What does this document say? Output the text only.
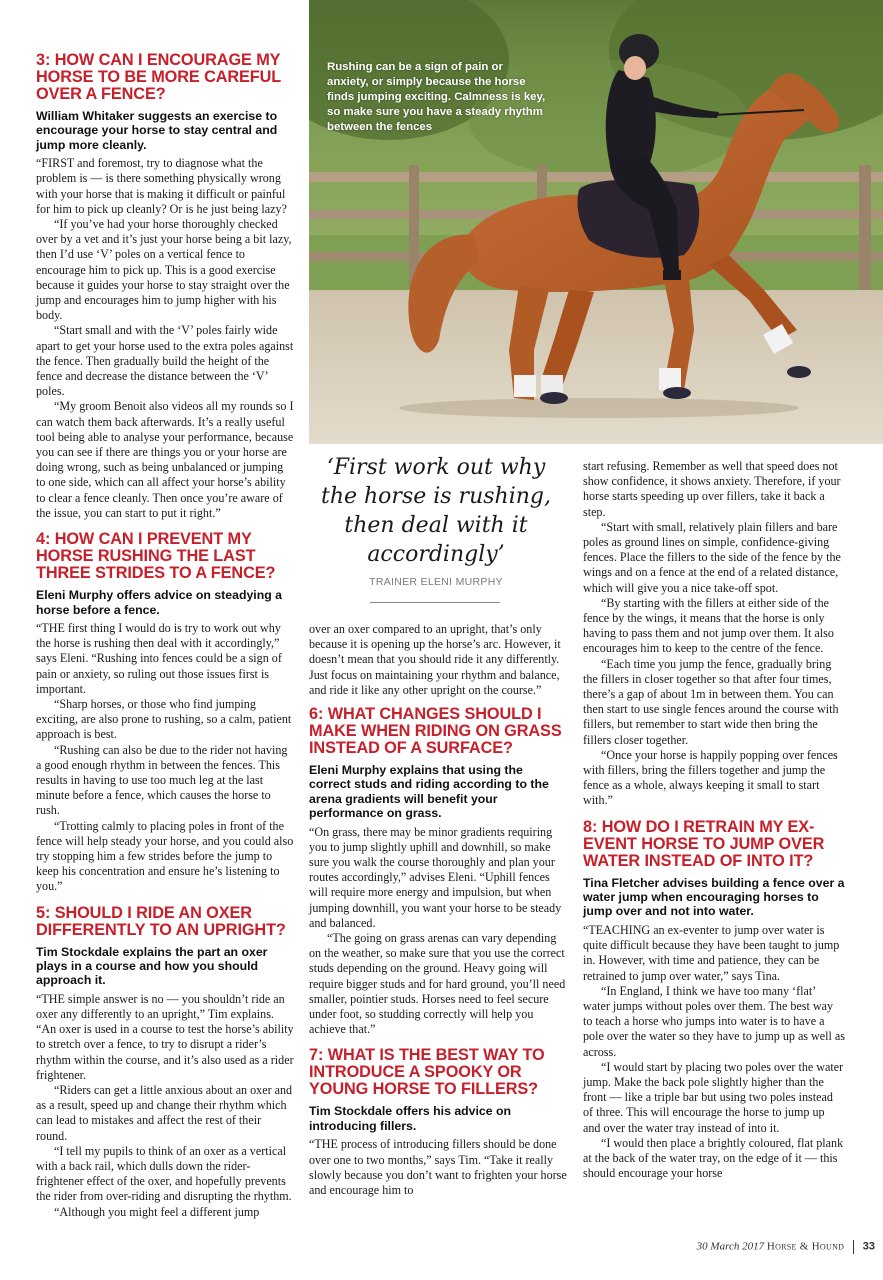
Rushing can be a sign of pain or anxiety, or simply because the horse finds jumping exciting. Calmness is key, so make sure you have a steady rhythm between the fences
‘First work out why the horse is rushing, then deal with it accordingly’
TRAINER ELENI MURPHY
3: HOW CAN I ENCOURAGE MY HORSE TO BE MORE CAREFUL OVER A FENCE?
William Whitaker suggests an exercise to encourage your horse to stay central and jump more cleanly.

“FIRST and foremost, try to diagnose what the problem is — is there something physically wrong with your horse that is making it difficult or painful for him to pick up cleanly? Or is he just being lazy?

“If you’ve had your horse thoroughly checked over by a vet and it’s just your horse being a bit lazy, then I’d use ‘V’ poles on a vertical fence to encourage him to pick up. This is a good exercise because it guides your horse to stay straight over the jump and encourages him to jump higher with his body.

“Start small and with the ‘V’ poles fairly wide apart to get your horse used to the extra poles against the fence. Then gradually build the height of the fence and decrease the distance between the ‘V’ poles.

“My groom Benoit also videos all my rounds so I can watch them back afterwards. It’s a really useful tool being able to analyse your performance, because you can see if there are things you or your horse are doing wrong, such as being unbalanced or jumping to one side, which can all affect your horse’s ability to clear a fence cleanly. Then once you’re aware of the issue, you can start to put it right.”

4: HOW CAN I PREVENT MY HORSE RUSHING THE LAST THREE STRIDES TO A FENCE?
Eleni Murphy offers advice on steadying a horse before a fence.

“THE first thing I would do is try to work out why the horse is rushing then deal with it accordingly,” says Eleni. “Rushing into fences could be a sign of pain or anxiety, so ruling out those issues first is important.

“Sharp horses, or those who find jumping exciting, are also prone to rushing, so a calm, patient approach is best.

“Rushing can also be due to the rider not having a good enough rhythm in between the fences. This results in having to use too much leg at the last minute before a fence, which causes the horse to rush.

“Trotting calmly to placing poles in front of the fence will help steady your horse, and you could also try stopping him a few strides before the jump to keep his concentration and ensure he’s listening to you.”

5: SHOULD I RIDE AN OXER DIFFERENTLY TO AN UPRIGHT?
Tim Stockdale explains the part an oxer plays in a course and how you should approach it.

“THE simple answer is no — you shouldn’t ride an oxer any differently to an upright,” Tim explains. “An oxer is used in a course to test the horse’s ability to stretch over a fence, to try to disrupt a rider’s rhythm within the course, and it’s also used as a rider frightener.

“Riders can get a little anxious about an oxer and as a result, speed up and change their rhythm which can lead to mistakes and affect the rest of their round.

“I tell my pupils to think of an oxer as a vertical with a back rail, which dulls down the rider-frightener effect of the oxer, and hopefully prevents the rider from over-riding and disrupting the rhythm.

“Although you might feel a different jump

over an oxer compared to an upright, that’s only because it is opening up the horse’s arc. However, it doesn’t mean that you should ride it any differently. Just focus on maintaining your rhythm and balance, and ride it like any other upright on the course.”

6: WHAT CHANGES SHOULD I MAKE WHEN RIDING ON GRASS INSTEAD OF A SURFACE?
Eleni Murphy explains that using the correct studs and riding according to the arena gradients will benefit your performance on grass.

“On grass, there may be minor gradients requiring you to jump slightly uphill and downhill, so make sure you walk the course thoroughly and plan your routes accordingly,” advises Eleni. “Uphill fences will require more energy and impulsion, but when jumping downhill, you want your horse to be steady and balanced.

“The going on grass arenas can vary depending on the weather, so make sure that you use the correct studs depending on the ground. Heavy going will require bigger studs and for hard ground, you’ll need smaller, pointier studs. Horses need to feel secure under foot, so studding correctly will help you achieve that.”

7: WHAT IS THE BEST WAY TO INTRODUCE A SPOOKY OR YOUNG HORSE TO FILLERS?
Tim Stockdale offers his advice on introducing fillers.

“THE process of introducing fillers should be done over one to two months,” says Tim. “Take it really slowly because you don’t want to frighten your horse and encourage him to

start refusing. Remember as well that speed does not show confidence, it shows anxiety. Therefore, if your horse starts speeding up over fillers, take it back a step.

“Start with small, relatively plain fillers and bare poles as ground lines on simple, confidence-giving fences. Place the fillers to the side of the fence by the wings and on a fence at the end of a related distance, which will give you a nice take-off spot.

“By starting with the fillers at either side of the fence by the wings, it means that the horse is only having to pass them and not jump over them. It also encourages him to keep to the centre of the fence.

“Each time you jump the fence, gradually bring the fillers in closer together so that after four times, there’s a gap of about 1m in between them. You can then start to use single fences around the course with fillers, but remember to start wide then bring the fillers closer together.

“Once your horse is happily popping over fences with fillers, bring the fillers together and jump the fence as a whole, always keeping it small to start with.”

8: HOW DO I RETRAIN MY EX-EVENT HORSE TO JUMP OVER WATER INSTEAD OF INTO IT?
Tina Fletcher advises building a fence over a water jump when encouraging horses to jump over and not into water.

“TEACHING an ex-eventer to jump over water is quite difficult because they have been taught to jump in. However, with time and patience, they can be retrained to jump over water,” says Tina.

“In England, I think we have too many ‘flat’ water jumps without poles over them. The best way to teach a horse who jumps into water is to have a pole over the water so they have to jump up as well as across.

“I would start by placing two poles over the water jump. Make the back pole slightly higher than the front — like a triple bar but using two poles instead of three. This will encourage the horse to jump up and over the water tray instead of into it.

“I would then place a brightly coloured, flat plank at the back of the water tray, on the edge of it — this should encourage your horse

30 March 2017 Horse & Hound 33
